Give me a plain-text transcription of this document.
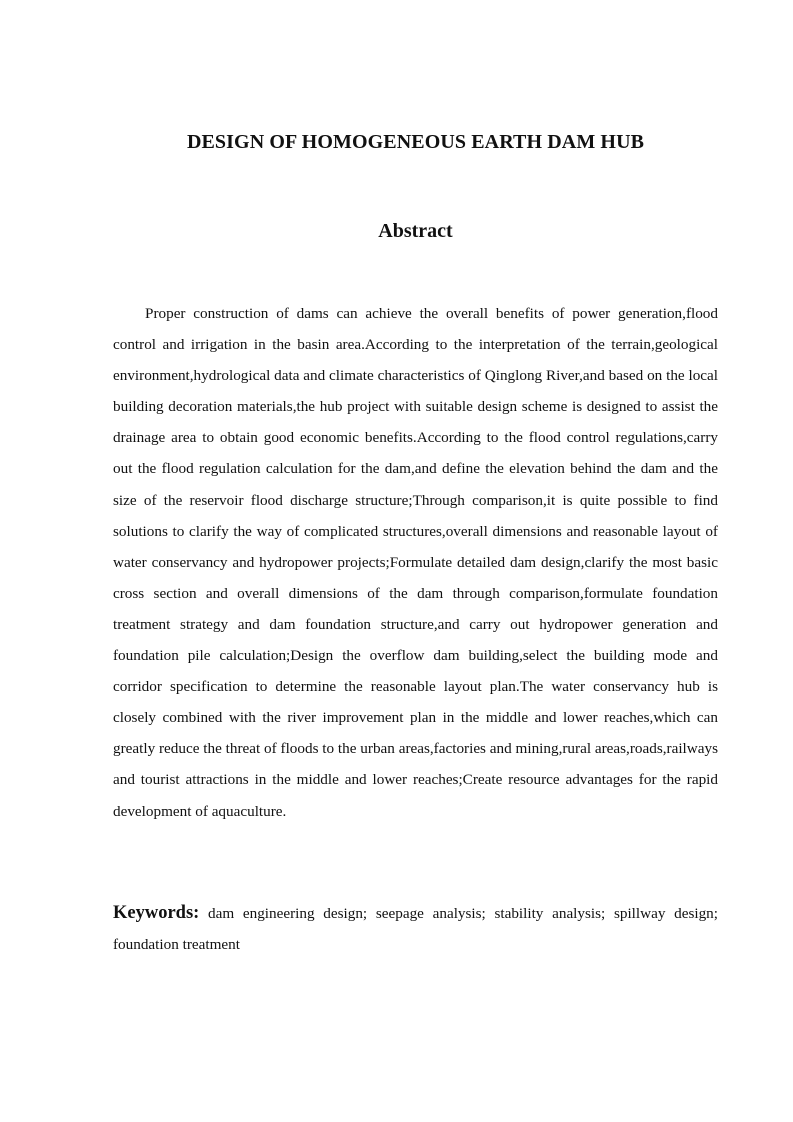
DESIGN OF HOMOGENEOUS EARTH DAM HUB
Abstract

Proper construction of dams can achieve the overall benefits of power generation,flood control and irrigation in the basin area.According to the interpretation of the terrain,geological environment,hydrological data and climate characteristics of Qinglong River,and based on the local building decoration materials,the hub project with suitable design scheme is designed to assist the drainage area to obtain good economic benefits.According to the flood control regulations,carry out the flood regulation calculation for the dam,and define the elevation behind the dam and the size of the reservoir flood discharge structure;Through comparison,it is quite possible to find solutions to clarify the way of complicated structures,overall dimensions and reasonable layout of water conservancy and hydropower projects;Formulate detailed dam design,clarify the most basic cross section and overall dimensions of the dam through comparison,formulate foundation treatment strategy and dam foundation structure,and carry out hydropower generation and foundation pile calculation;Design the overflow dam building,select the building mode and corridor specification to determine the reasonable layout plan.The water conservancy hub is closely combined with the river improvement plan in the middle and lower reaches,which can greatly reduce the threat of floods to the urban areas,factories and mining,rural areas,roads,railways and tourist attractions in the middle and lower reaches;Create resource advantages for the rapid development of aquaculture.

Keywords: dam engineering design; seepage analysis; stability analysis; spillway design; foundation treatment
